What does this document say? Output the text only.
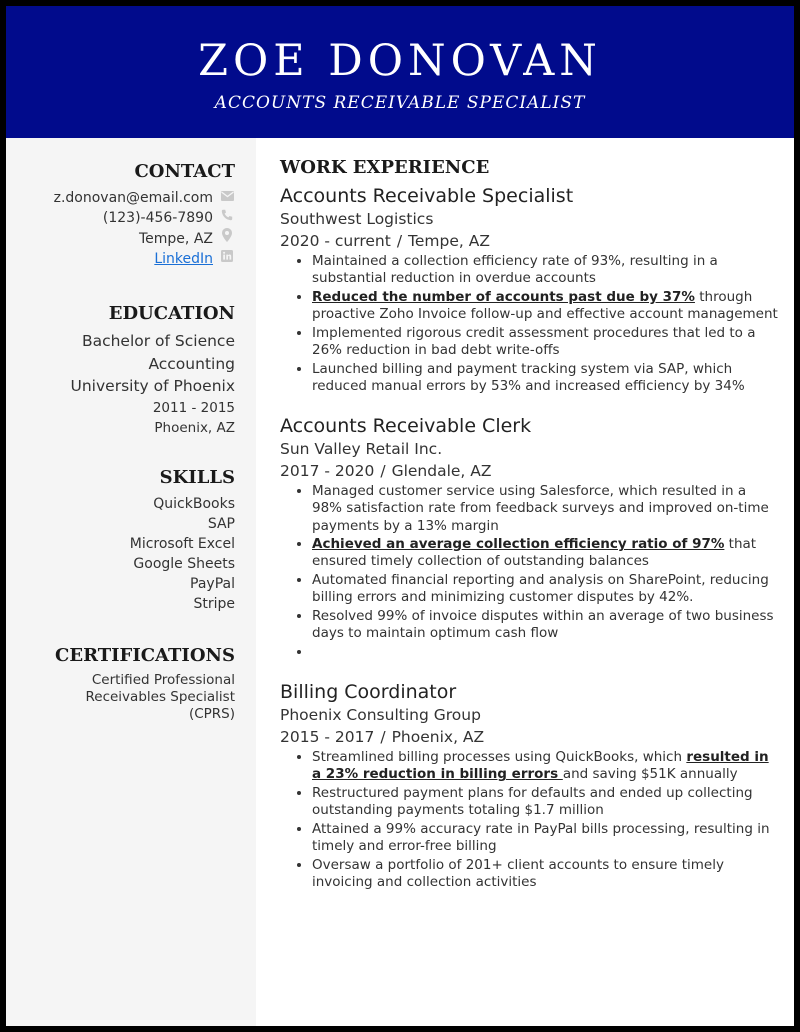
ZOE DONOVAN
ACCOUNTS RECEIVABLE SPECIALIST
CONTACT
z.donovan@email.com
(123)-456-7890
Tempe, AZ
LinkedIn
EDUCATION
Bachelor of Science
Accounting
University of Phoenix
2011 - 2015
Phoenix, AZ
SKILLS
QuickBooks
SAP
Microsoft Excel
Google Sheets
PayPal
Stripe
CERTIFICATIONS
Certified Professional
Receivables Specialist
(CPRS)
WORK EXPERIENCE
Accounts Receivable Specialist
Southwest Logistics
2020 - current / Tempe, AZ
• Maintained a collection efficiency rate of 93%, resulting in a substantial reduction in overdue accounts
• Reduced the number of accounts past due by 37% through proactive Zoho Invoice follow-up and effective account management
• Implemented rigorous credit assessment procedures that led to a 26% reduction in bad debt write-offs
• Launched billing and payment tracking system via SAP, which reduced manual errors by 53% and increased efficiency by 34%
Accounts Receivable Clerk
Sun Valley Retail Inc.
2017 - 2020 / Glendale, AZ
• Managed customer service using Salesforce, which resulted in a 98% satisfaction rate from feedback surveys and improved on-time payments by a 13% margin
• Achieved an average collection efficiency ratio of 97% that ensured timely collection of outstanding balances
• Automated financial reporting and analysis on SharePoint, reducing billing errors and minimizing customer disputes by 42%.
• Resolved 99% of invoice disputes within an average of two business days to maintain optimum cash flow
•
Billing Coordinator
Phoenix Consulting Group
2015 - 2017 / Phoenix, AZ
• Streamlined billing processes using QuickBooks, which resulted in a 23% reduction in billing errors and saving $51K annually
• Restructured payment plans for defaults and ended up collecting outstanding payments totaling $1.7 million
• Attained a 99% accuracy rate in PayPal bills processing, resulting in timely and error-free billing
• Oversaw a portfolio of 201+ client accounts to ensure timely invoicing and collection activities
